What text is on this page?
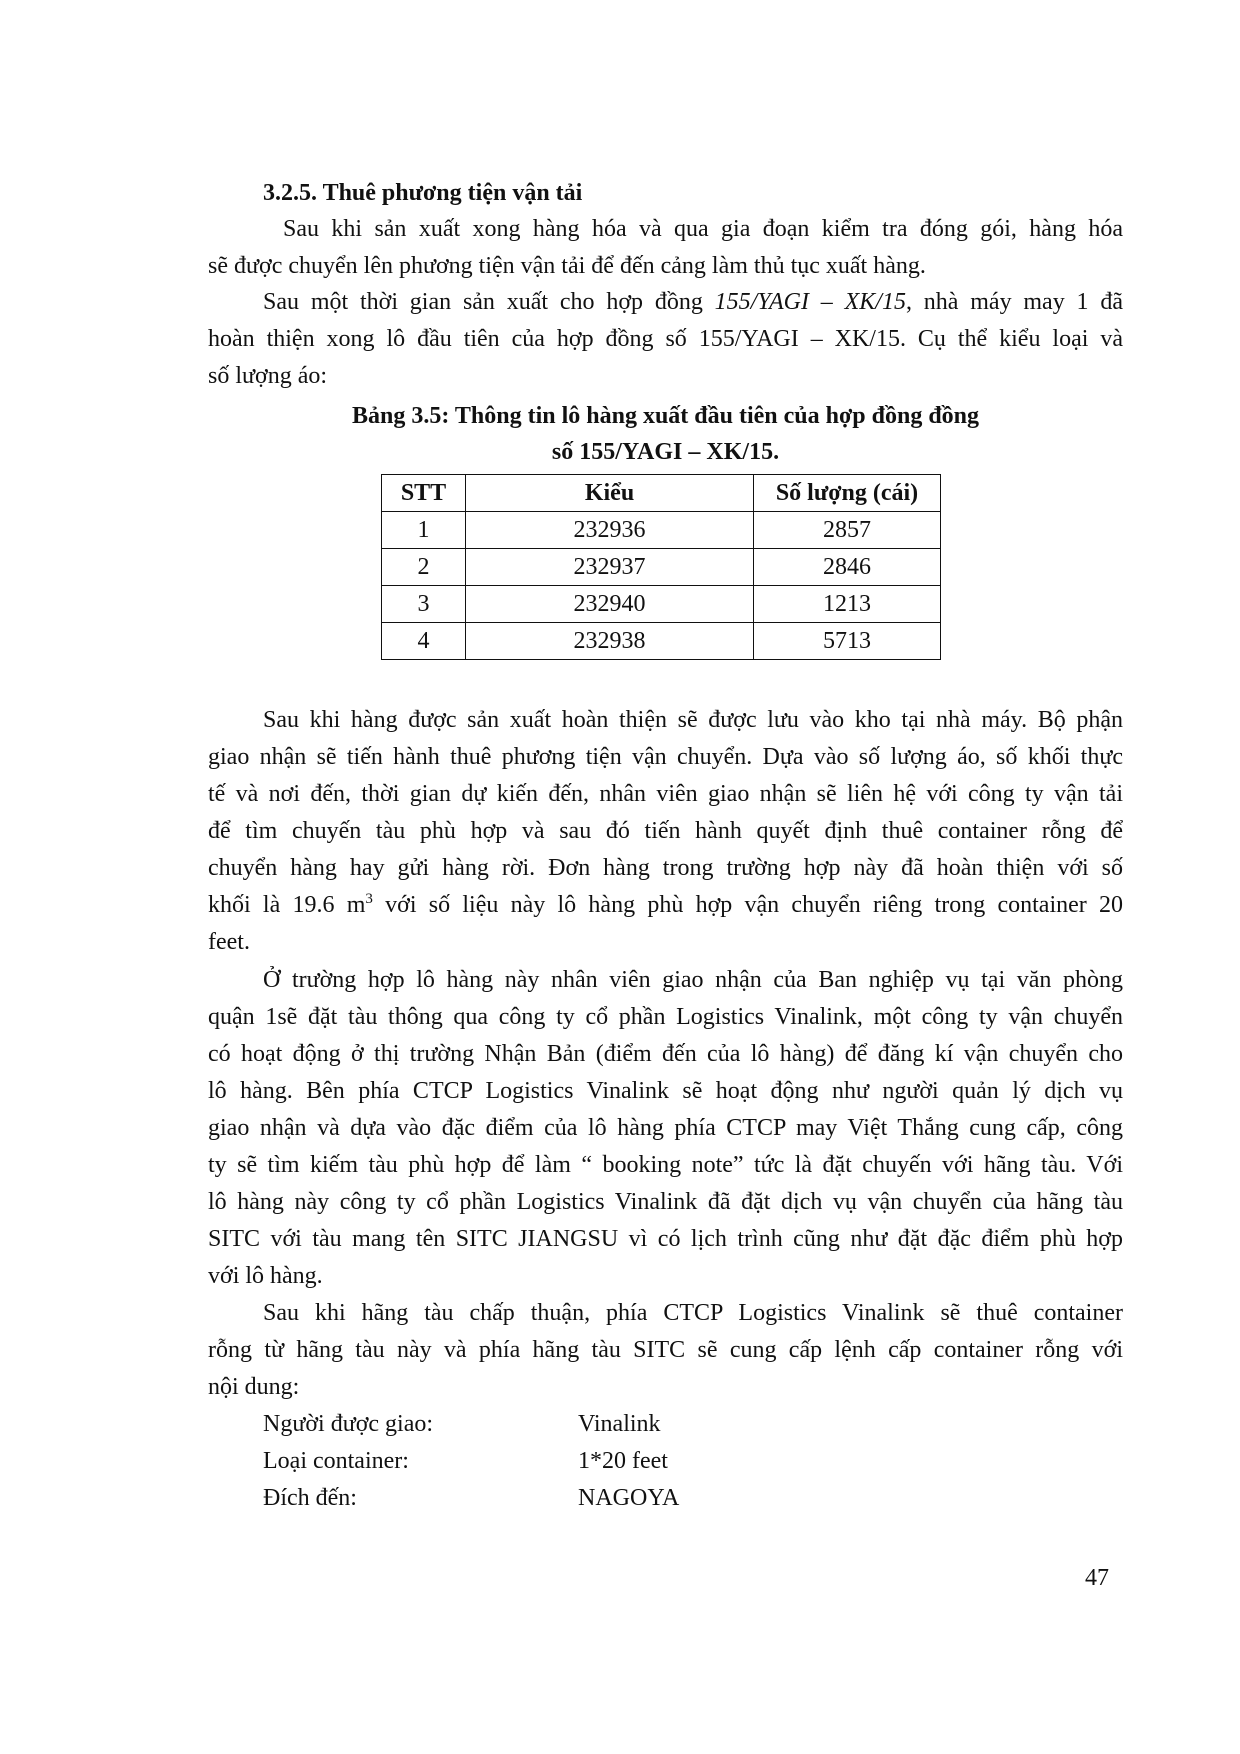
3.2.5. Thuê phương tiện vận tải
Sau khi sản xuất xong hàng hóa và qua gia đoạn kiểm tra đóng gói, hàng hóa
sẽ được chuyển lên phương tiện vận tải để đến cảng làm thủ tục xuất hàng.
Sau một thời gian sản xuất cho hợp đồng 155/YAGI – XK/15, nhà máy may 1 đã
hoàn thiện xong lô đầu tiên của hợp đồng số 155/YAGI – XK/15. Cụ thể kiểu loại và
số lượng áo:
Bảng 3.5: Thông tin lô hàng xuất đầu tiên của hợp đồng đồng
số 155/YAGI – XK/15.
STT	Kiểu	Số lượng (cái)
1	232936	2857
2	232937	2846
3	232940	1213
4	232938	5713
Sau khi hàng được sản xuất hoàn thiện sẽ được lưu vào kho tại nhà máy. Bộ phận
giao nhận sẽ tiến hành thuê phương tiện vận chuyển. Dựa vào số lượng áo, số khối thực
tế và nơi đến, thời gian dự kiến đến, nhân viên giao nhận sẽ liên hệ với công ty vận tải
để tìm chuyến tàu phù hợp và sau đó tiến hành quyết định thuê container rỗng để
chuyển hàng hay gửi hàng rời. Đơn hàng trong trường hợp này đã hoàn thiện với số
khối là 19.6 $m^3$ với số liệu này lô hàng phù hợp vận chuyển riêng trong container 20
feet.
Ở trường hợp lô hàng này nhân viên giao nhận của Ban nghiệp vụ tại văn phòng
quận 1sẽ đặt tàu thông qua công ty cổ phần Logistics Vinalink, một công ty vận chuyển
có hoạt động ở thị trường Nhận Bản (điểm đến của lô hàng) để đăng kí vận chuyển cho
lô hàng. Bên phía CTCP Logistics Vinalink sẽ hoạt động như người quản lý dịch vụ
giao nhận và dựa vào đặc điểm của lô hàng phía CTCP may Việt Thắng cung cấp, công
ty sẽ tìm kiếm tàu phù hợp để làm “ booking note” tức là đặt chuyến với hãng tàu. Với
lô hàng này công ty cổ phần Logistics Vinalink đã đặt dịch vụ vận chuyển của hãng tàu
SITC với tàu mang tên SITC JIANGSU vì có lịch trình cũng như đặt đặc điểm phù hợp
với lô hàng.
Sau khi hãng tàu chấp thuận, phía CTCP Logistics Vinalink sẽ thuê container
rỗng từ hãng tàu này và phía hãng tàu SITC sẽ cung cấp lệnh cấp container rỗng với
nội dung:
Người được giao:	Vinalink
Loại container:	1*20 feet
Đích đến:	NAGOYA
47
